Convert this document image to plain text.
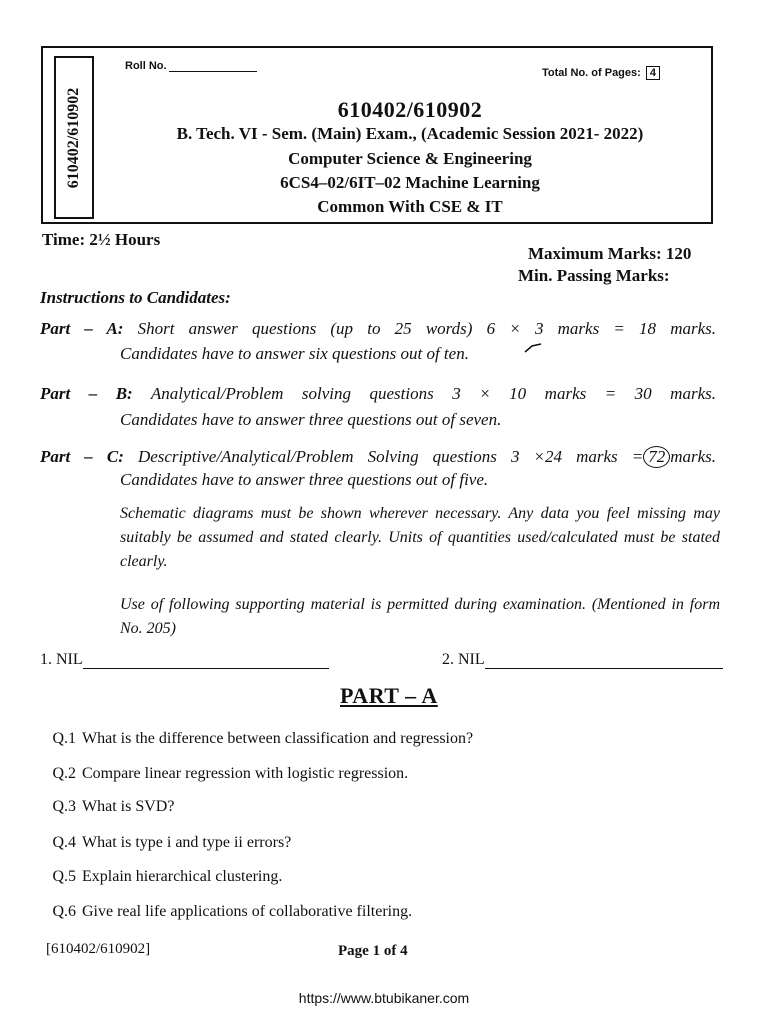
610402/610902
Roll No.
Total No. of Pages: 4
610402/610902
B. Tech. VI - Sem. (Main) Exam., (Academic Session 2021- 2022)
Computer Science & Engineering
6CS4–02/6IT–02 Machine Learning
Common With CSE & IT
Time: 2½ Hours
Maximum Marks: 120
Min. Passing Marks:
Instructions to Candidates:
Part – A: Short answer questions (up to 25 words) 6 × 3 marks = 18 marks.
Candidates have to answer six questions out of ten.
Part – B: Analytical/Problem solving questions 3 × 10 marks = 30 marks.
Candidates have to answer three questions out of seven.
Part – C: Descriptive/Analytical/Problem Solving questions 3 ×24 marks = 72 marks.
Candidates have to answer three questions out of five.
Schematic diagrams must be shown wherever necessary. Any data you feel missing may suitably be assumed and stated clearly. Units of quantities used/calculated must be stated clearly.
Use of following supporting material is permitted during examination. (Mentioned in form No. 205)
1. NIL	2. NIL
PART – A
Q.1 What is the difference between classification and regression?
Q.2 Compare linear regression with logistic regression.
Q.3 What is SVD?
Q.4 What is type i and type ii errors?
Q.5 Explain hierarchical clustering.
Q.6 Give real life applications of collaborative filtering.
[610402/610902]	Page 1 of 4
https://www.btubikaner.com
